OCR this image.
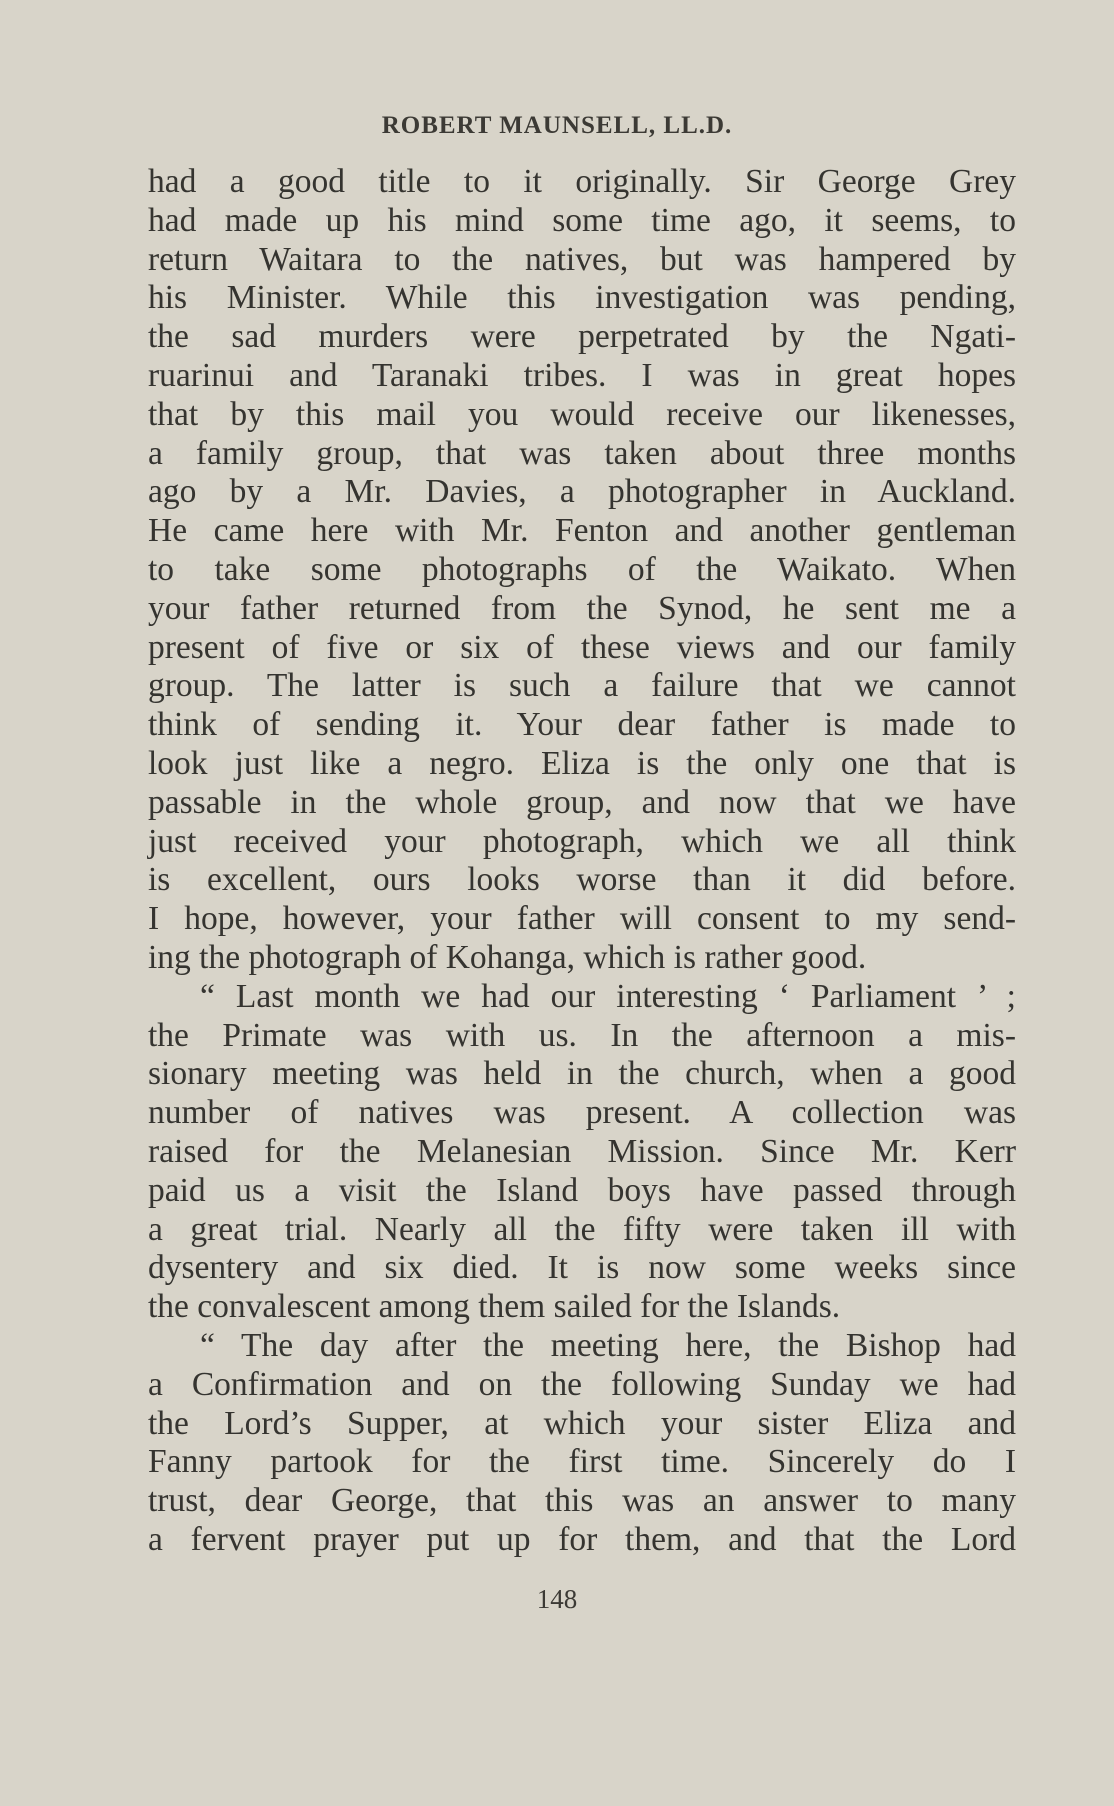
ROBERT MAUNSELL, LL.D.
had a good title to it originally. Sir George Grey
had made up his mind some time ago, it seems, to
return Waitara to the natives, but was hampered by
his Minister. While this investigation was pending,
the sad murders were perpetrated by the Ngati-
ruarinui and Taranaki tribes. I was in great hopes
that by this mail you would receive our likenesses,
a family group, that was taken about three months
ago by a Mr. Davies, a photographer in Auckland.
He came here with Mr. Fenton and another gentleman
to take some photographs of the Waikato. When
your father returned from the Synod, he sent me a
present of five or six of these views and our family
group. The latter is such a failure that we cannot
think of sending it. Your dear father is made to
look just like a negro. Eliza is the only one that is
passable in the whole group, and now that we have
just received your photograph, which we all think
is excellent, ours looks worse than it did before.
I hope, however, your father will consent to my send-
ing the photograph of Kohanga, which is rather good.
“ Last month we had our interesting ‘ Parliament ’ ;
the Primate was with us. In the afternoon a mis-
sionary meeting was held in the church, when a good
number of natives was present. A collection was
raised for the Melanesian Mission. Since Mr. Kerr
paid us a visit the Island boys have passed through
a great trial. Nearly all the fifty were taken ill with
dysentery and six died. It is now some weeks since
the convalescent among them sailed for the Islands.
“ The day after the meeting here, the Bishop had
a Confirmation and on the following Sunday we had
the Lord’s Supper, at which your sister Eliza and
Fanny partook for the first time. Sincerely do I
trust, dear George, that this was an answer to many
a fervent prayer put up for them, and that the Lord
148
